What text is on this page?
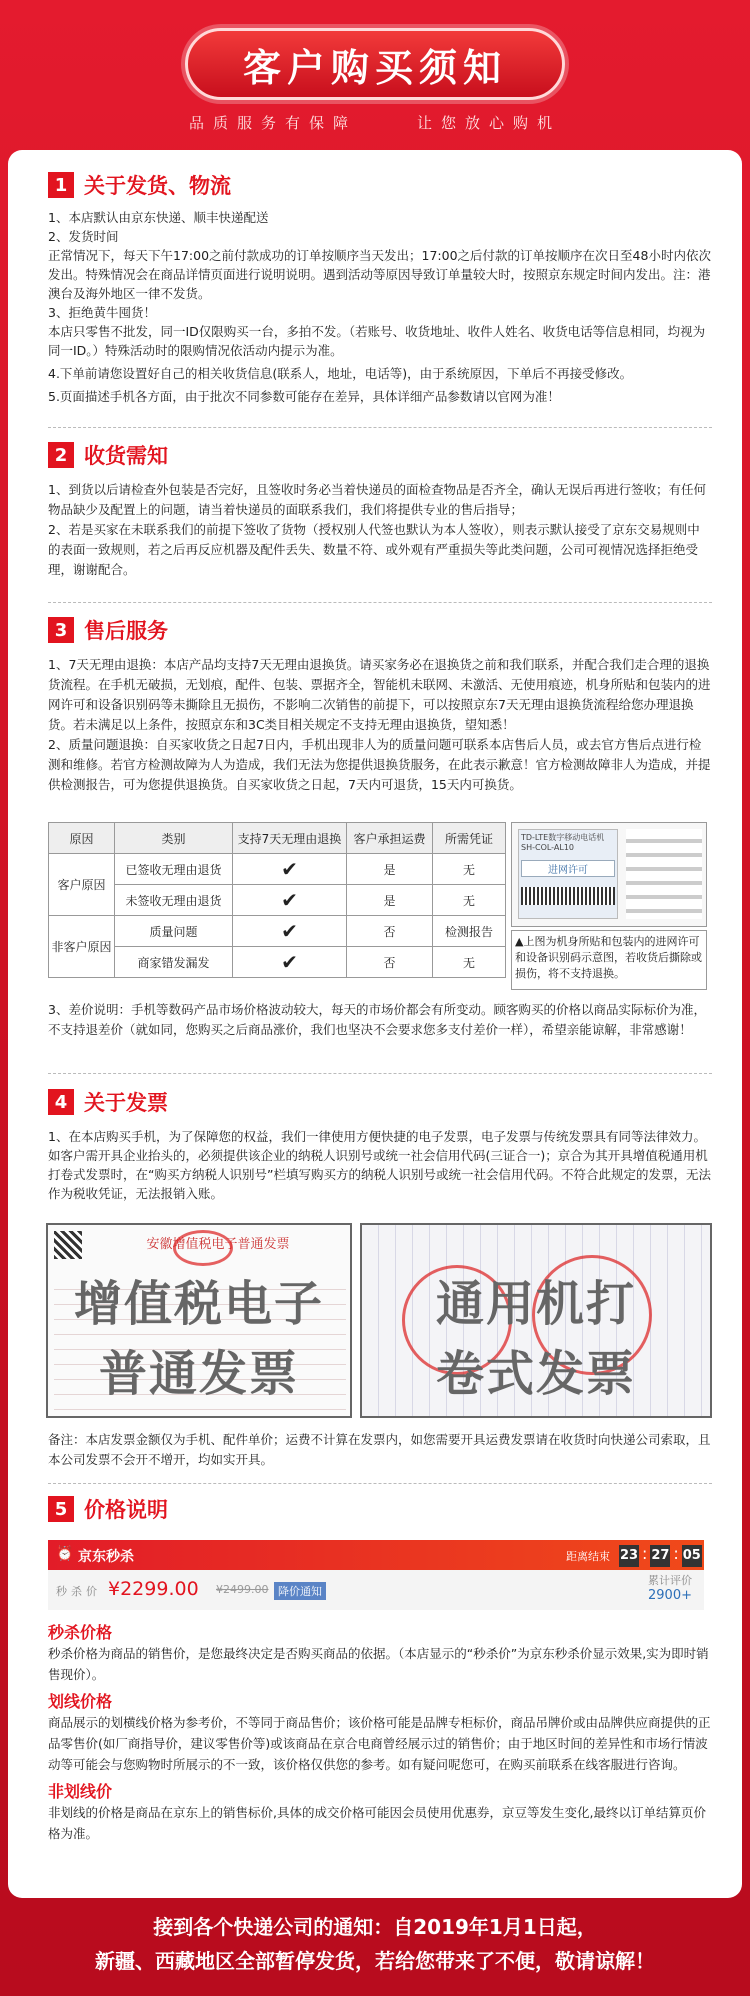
客户购买须知
品质服务有保障	让您放心购机
1 关于发货、物流

1、本店默认由京东快递、顺丰快递配送

2、发货时间

正常情况下，每天下午17:00之前付款成功的订单按顺序当天发出；17:00之后付款的订单按顺序在次日至48小时内依次发出。特殊情况会在商品详情页面进行说明说明。遇到活动等原因导致订单量较大时，按照京东规定时间内发出。注：港澳台及海外地区一律不发货。

3、拒绝黄牛囤货！

本店只零售不批发，同一ID仅限购买一台，多拍不发。（若账号、收货地址、收件人姓名、收货电话等信息相同，均视为同一ID。）特殊活动时的限购情况依活动内提示为准。

4.下单前请您设置好自己的相关收货信息(联系人，地址，电话等)，由于系统原因，下单后不再接受修改。

5.页面描述手机各方面，由于批次不同参数可能存在差异，具体详细产品参数请以官网为准！

2 收货需知

1、到货以后请检查外包装是否完好，且签收时务必当着快递员的面检查物品是否齐全，确认无误后再进行签收；有任何物品缺少及配置上的问题，请当着快递员的面联系我们，我们将提供专业的售后指导；

2、若是买家在未联系我们的前提下签收了货物（授权别人代签也默认为本人签收），则表示默认接受了京东交易规则中的表面一致规则，若之后再反应机器及配件丢失、数量不符、或外观有严重损失等此类问题，公司可视情况选择拒绝受理，谢谢配合。

3 售后服务

1、7天无理由退换：本店产品均支持7天无理由退换货。请买家务必在退换货之前和我们联系，并配合我们走合理的退换货流程。在手机无破损，无划痕，配件、包装、票据齐全，智能机未联网、未激活、无使用痕迹，机身所贴和包装内的进网许可和设备识别码等未撕除且无损伤，不影响二次销售的前提下，可以按照京东7天无理由退换货流程给您办理退换货。若未满足以上条件，按照京东和3C类目相关规定不支持无理由退换货，望知悉！

2、质量问题退换：自买家收货之日起7日内，手机出现非人为的质量问题可联系本店售后人员，或去官方售后点进行检测和维修。若官方检测故障为人为造成，我们无法为您提供退换货服务，在此表示歉意！官方检测故障非人为造成，并提供检测报告，可为您提供退换货。自买家收货之日起，7天内可退货，15天内可换货。

原因	类别	支持7天无理由退换	客户承担运费	所需凭证
客户原因	已签收无理由退货	✔	是	无
	未签收无理由退货	✔	是	无
非客户原因	质量问题	✔	否	检测报告
	商家错发漏发	✔	否	无
TD-LTE数字移动电话机 SH-COL-AL10
进网许可
▲上图为机身所贴和包装内的进网许可和设备识别码示意图，若收货后撕除或损伤，将不支持退换。
3、差价说明：手机等数码产品市场价格波动较大，每天的市场价都会有所变动。顾客购买的价格以商品实际标价为准，不支持退差价（就如同，您购买之后商品涨价，我们也坚决不会要求您多支付差价一样），希望亲能谅解，非常感谢！
4 关于发票
1、在本店购买手机，为了保障您的权益，我们一律使用方便快捷的电子发票，电子发票与传统发票具有同等法律效力。如客户需开具企业抬头的，必须提供该企业的纳税人识别号或统一社会信用代码(三证合一)；京合为其开具增值税通用机打卷式发票时，在“购买方纳税人识别号”栏填写购买方的纳税人识别号或统一社会信用代码。不符合此规定的发票，无法作为税收凭证，无法报销入账。
安徽增值税电子普通发票
增值税电子
普通发票
通用机打
卷式发票
备注：本店发票金额仅为手机、配件单价；运费不计算在发票内，如您需要开具运费发票请在收货时向快递公司索取，且本公司发票不会开不增开，均如实开具。
5 价格说明
⏰ 京东秒杀	距离结束 23 : 27 : 05
秒杀价 ¥2299.00 ¥2499.00 降价通知
累计评价
2900+
秒杀价格
秒杀价格为商品的销售价，是您最终决定是否购买商品的依据。（本店显示的“秒杀价”为京东秒杀价显示效果,实为即时销售现价）。
划线价格
商品展示的划横线价格为参考价，不等同于商品售价；该价格可能是品牌专柜标价，商品吊牌价或由品牌供应商提供的正品零售价(如厂商指导价，建议零售价等)或该商品在京合电商曾经展示过的销售价；由于地区时间的差异性和市场行情波动等可能会与您购物时所展示的不一致，该价格仅供您的参考。如有疑问呢您可，在购买前联系在线客服进行咨询。
非划线价
非划线的价格是商品在京东上的销售标价,具体的成交价格可能因会员使用优惠券，京豆等发生变化,最终以订单结算页价格为准。
接到各个快递公司的通知：自2019年1月1日起，
新疆、西藏地区全部暂停发货，若给您带来了不便，敬请谅解！
